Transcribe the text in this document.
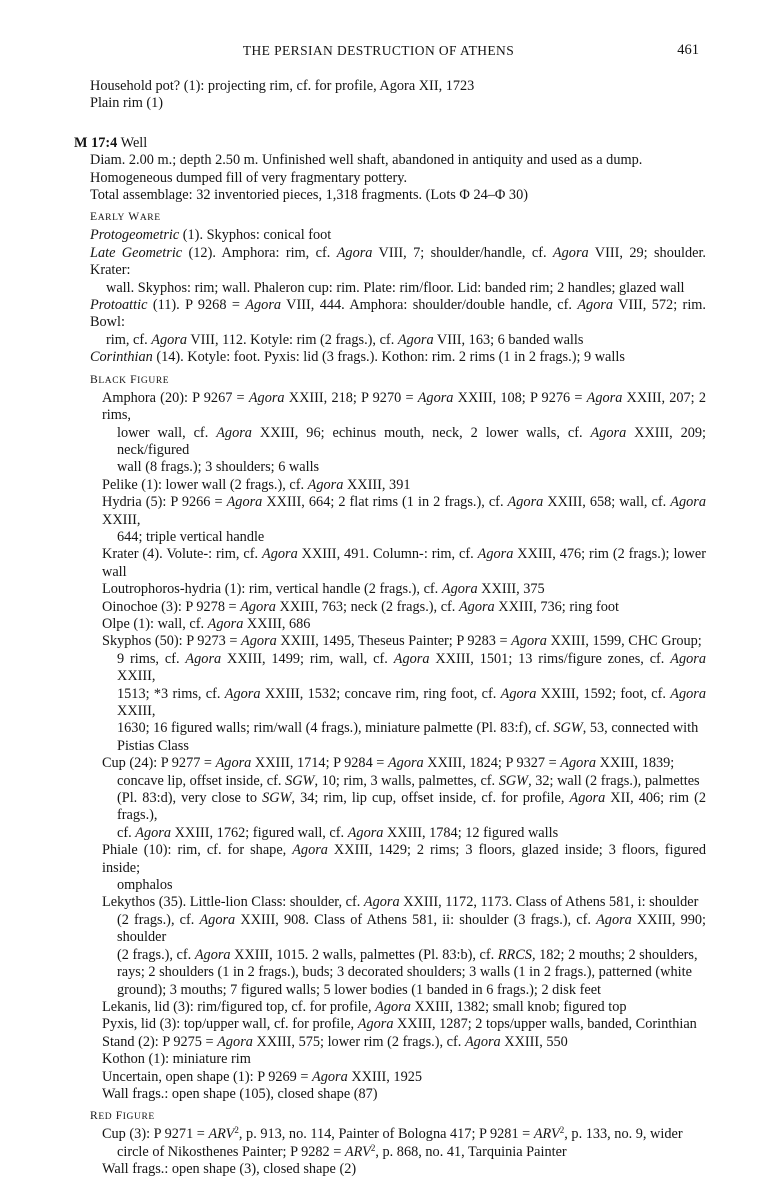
THE PERSIAN DESTRUCTION OF ATHENS	461
Household pot? (1): projecting rim, cf. for profile, Agora XII, 1723
Plain rim (1)
M 17:4 Well
Diam. 2.00 m.; depth 2.50 m. Unfinished well shaft, abandoned in antiquity and used as a dump.
Homogeneous dumped fill of very fragmentary pottery.
Total assemblage: 32 inventoried pieces, 1,318 fragments. (Lots Φ 24–Φ 30)
EARLY WARE
Protogeometric (1). Skyphos: conical foot
Late Geometric (12). Amphora: rim, cf. Agora VIII, 7; shoulder/handle, cf. Agora VIII, 29; shoulder. Krater:
wall. Skyphos: rim; wall. Phaleron cup: rim. Plate: rim/floor. Lid: banded rim; 2 handles; glazed wall
Protoattic (11). P 9268 = Agora VIII, 444. Amphora: shoulder/double handle, cf. Agora VIII, 572; rim. Bowl:
rim, cf. Agora VIII, 112. Kotyle: rim (2 frags.), cf. Agora VIII, 163; 6 banded walls
Corinthian (14). Kotyle: foot. Pyxis: lid (3 frags.). Kothon: rim. 2 rims (1 in 2 frags.); 9 walls
BLACK FIGURE
Amphora (20): P 9267 = Agora XXIII, 218; P 9270 = Agora XXIII, 108; P 9276 = Agora XXIII, 207; 2 rims,
lower wall, cf. Agora XXIII, 96; echinus mouth, neck, 2 lower walls, cf. Agora XXIII, 209; neck/figured
wall (8 frags.); 3 shoulders; 6 walls
Pelike (1): lower wall (2 frags.), cf. Agora XXIII, 391
Hydria (5): P 9266 = Agora XXIII, 664; 2 flat rims (1 in 2 frags.), cf. Agora XXIII, 658; wall, cf. Agora XXIII,
644; triple vertical handle
Krater (4). Volute-: rim, cf. Agora XXIII, 491. Column-: rim, cf. Agora XXIII, 476; rim (2 frags.); lower wall
Loutrophoros-hydria (1): rim, vertical handle (2 frags.), cf. Agora XXIII, 375
Oinochoe (3): P 9278 = Agora XXIII, 763; neck (2 frags.), cf. Agora XXIII, 736; ring foot
Olpe (1): wall, cf. Agora XXIII, 686
Skyphos (50): P 9273 = Agora XXIII, 1495, Theseus Painter; P 9283 = Agora XXIII, 1599, CHC Group;
9 rims, cf. Agora XXIII, 1499; rim, wall, cf. Agora XXIII, 1501; 13 rims/figure zones, cf. Agora XXIII,
1513; *3 rims, cf. Agora XXIII, 1532; concave rim, ring foot, cf. Agora XXIII, 1592; foot, cf. Agora XXIII,
1630; 16 figured walls; rim/wall (4 frags.), miniature palmette (Pl. 83:f), cf. SGW, 53, connected with
Pistias Class
Cup (24): P 9277 = Agora XXIII, 1714; P 9284 = Agora XXIII, 1824; P 9327 = Agora XXIII, 1839;
concave lip, offset inside, cf. SGW, 10; rim, 3 walls, palmettes, cf. SGW, 32; wall (2 frags.), palmettes
(Pl. 83:d), very close to SGW, 34; rim, lip cup, offset inside, cf. for profile, Agora XII, 406; rim (2 frags.),
cf. Agora XXIII, 1762; figured wall, cf. Agora XXIII, 1784; 12 figured walls
Phiale (10): rim, cf. for shape, Agora XXIII, 1429; 2 rims; 3 floors, glazed inside; 3 floors, figured inside;
omphalos
Lekythos (35). Little-lion Class: shoulder, cf. Agora XXIII, 1172, 1173. Class of Athens 581, i: shoulder
(2 frags.), cf. Agora XXIII, 908. Class of Athens 581, ii: shoulder (3 frags.), cf. Agora XXIII, 990; shoulder
(2 frags.), cf. Agora XXIII, 1015. 2 walls, palmettes (Pl. 83:b), cf. RRCS, 182; 2 mouths; 2 shoulders,
rays; 2 shoulders (1 in 2 frags.), buds; 3 decorated shoulders; 3 walls (1 in 2 frags.), patterned (white
ground); 3 mouths; 7 figured walls; 5 lower bodies (1 banded in 6 frags.); 2 disk feet
Lekanis, lid (3): rim/figured top, cf. for profile, Agora XXIII, 1382; small knob; figured top
Pyxis, lid (3): top/upper wall, cf. for profile, Agora XXIII, 1287; 2 tops/upper walls, banded, Corinthian
Stand (2): P 9275 = Agora XXIII, 575; lower rim (2 frags.), cf. Agora XXIII, 550
Kothon (1): miniature rim
Uncertain, open shape (1): P 9269 = Agora XXIII, 1925
Wall frags.: open shape (105), closed shape (87)
RED FIGURE
Cup (3): P $9271 = ARV^2$, p. 913, no. 114, Painter of Bologna 417; P $9281 = ARV^2$, p. 133, no. 9, wider
circle of Nikosthenes Painter; P $9282 = ARV^2$, p. 868, no. 41, Tarquinia Painter
Wall frags.: open shape (3), closed shape (2)
